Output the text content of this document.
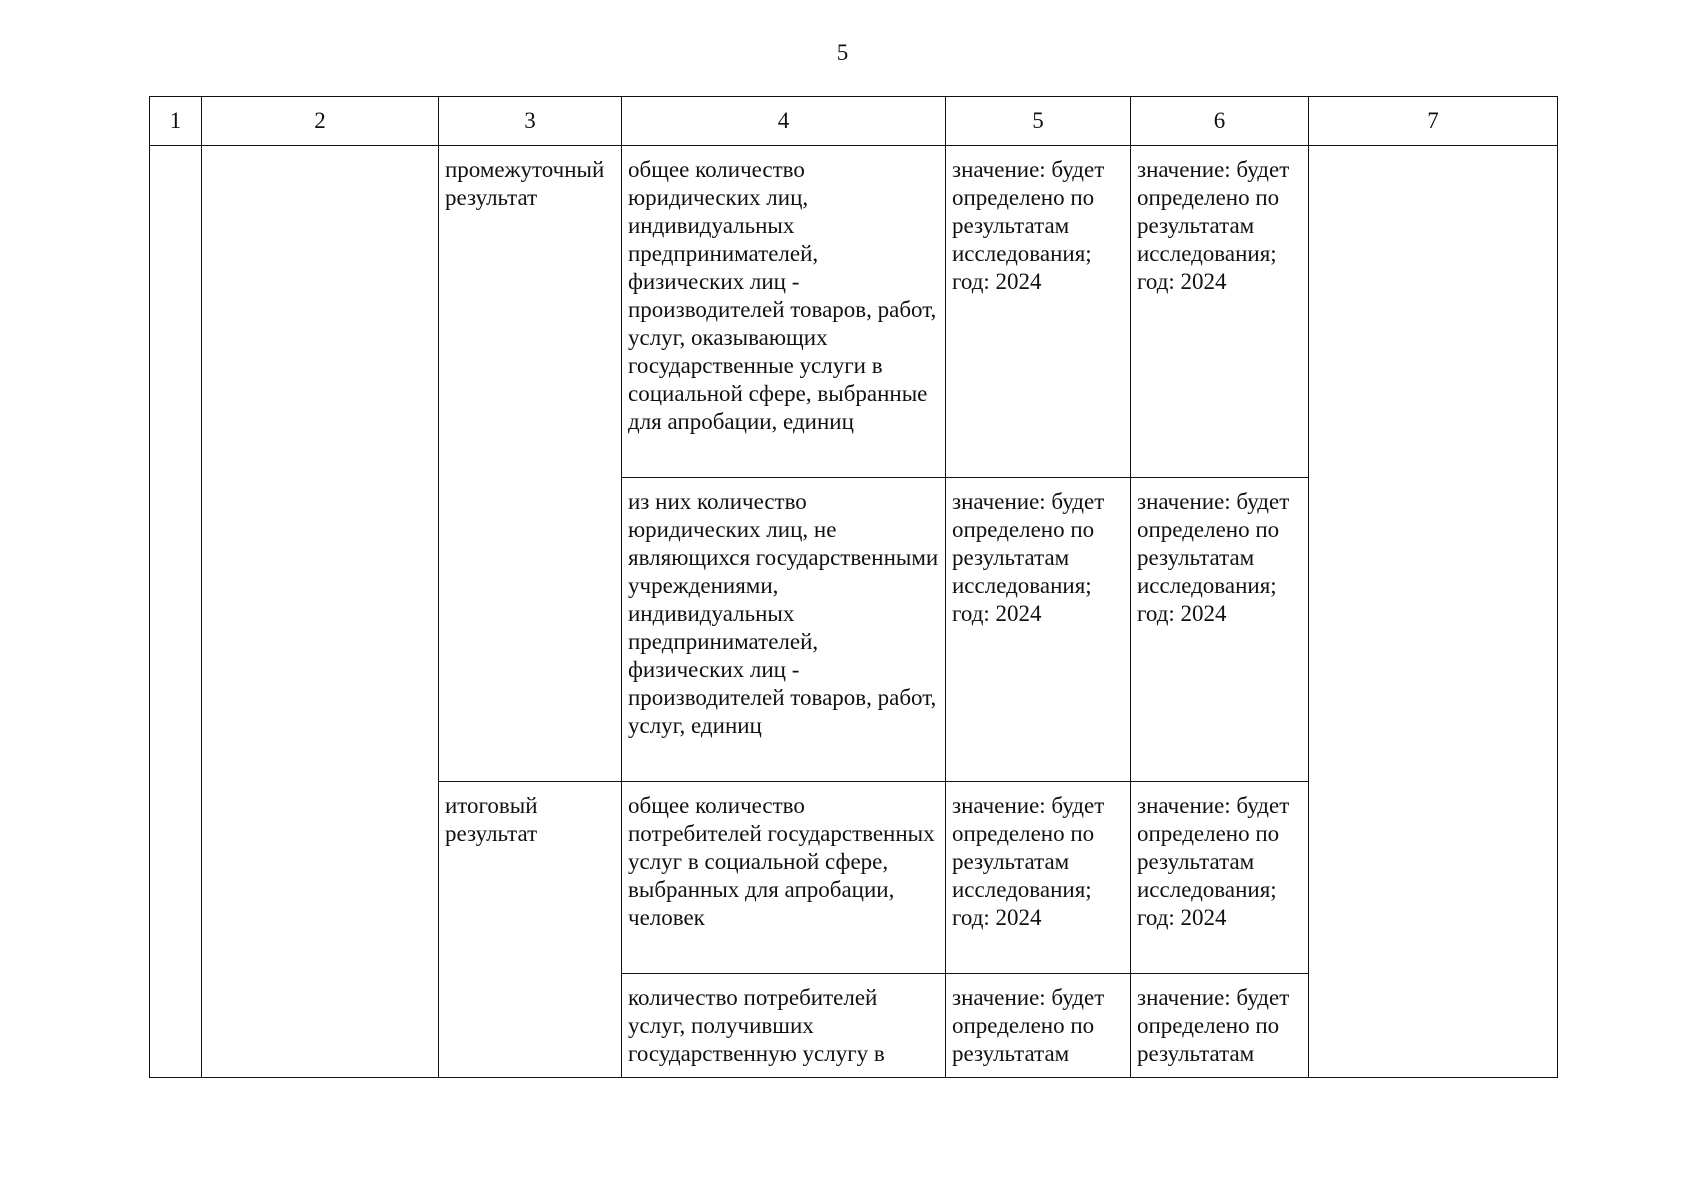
5
1	2	3	4	5	6	7
		промежуточный результат	общее количество юридических лиц, индивидуальных предпринимателей, физических лиц - производителей товаров, работ, услуг, оказывающих государственные услуги в социальной сфере, выбранные для апробации, единиц	значение: будет определено по результатам исследования; год: 2024	значение: будет определено по результатам исследования; год: 2024	
			из них количество юридических лиц, не являющихся государственными учреждениями, индивидуальных предпринимателей, физических лиц - производителей товаров, работ, услуг, единиц	значение: будет определено по результатам исследования; год: 2024	значение: будет определено по результатам исследования; год: 2024	
		итоговый результат	общее количество потребителей государственных услуг в социальной сфере, выбранных для апробации, человек	значение: будет определено по результатам исследования; год: 2024	значение: будет определено по результатам исследования; год: 2024	
			количество потребителей услуг, получивших государственную услугу в	значение: будет определено по результатам	значение: будет определено по результатам	
